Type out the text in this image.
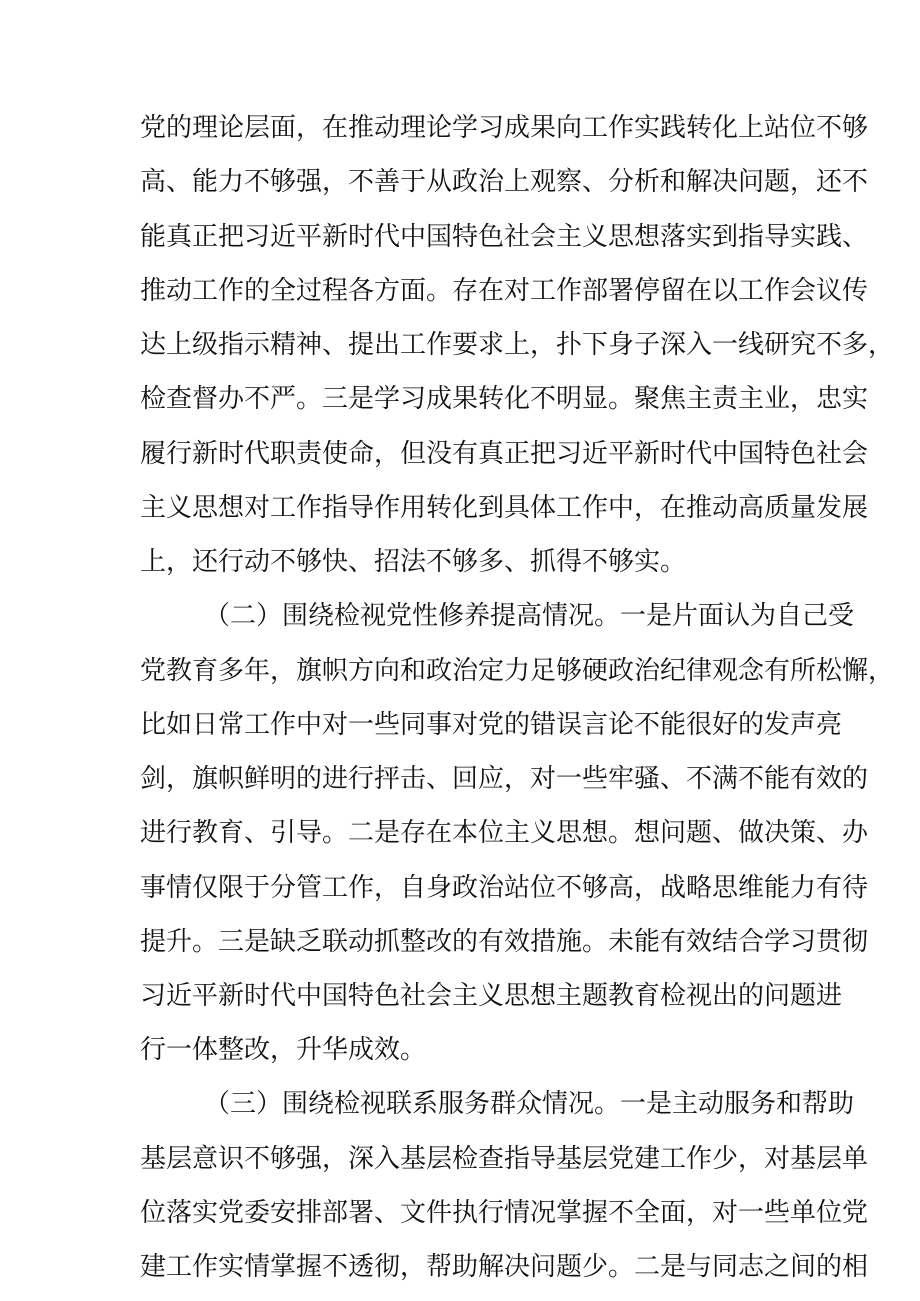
党的理论层面，在推动理论学习成果向工作实践转化上站位不够
高、能力不够强，不善于从政治上观察、分析和解决问题，还不
能真正把习近平新时代中国特色社会主义思想落实到指导实践、
推动工作的全过程各方面。存在对工作部署停留在以工作会议传
达上级指示精神、提出工作要求上，扑下身子深入一线研究不多，
检查督办不严。三是学习成果转化不明显。聚焦主责主业，忠实
履行新时代职责使命，但没有真正把习近平新时代中国特色社会
主义思想对工作指导作用转化到具体工作中，在推动高质量发展
上，还行动不够快、招法不够多、抓得不够实。
（二）围绕检视党性修养提高情况。一是片面认为自己受
党教育多年，旗帜方向和政治定力足够硬政治纪律观念有所松懈，
比如日常工作中对一些同事对党的错误言论不能很好的发声亮
剑，旗帜鲜明的进行抨击、回应，对一些牢骚、不满不能有效的
进行教育、引导。二是存在本位主义思想。想问题、做决策、办
事情仅限于分管工作，自身政治站位不够高，战略思维能力有待
提升。三是缺乏联动抓整改的有效措施。未能有效结合学习贯彻
习近平新时代中国特色社会主义思想主题教育检视出的问题进
行一体整改，升华成效。
（三）围绕检视联系服务群众情况。一是主动服务和帮助
基层意识不够强，深入基层检查指导基层党建工作少，对基层单
位落实党委安排部署、文件执行情况掌握不全面，对一些单位党
建工作实情掌握不透彻，帮助解决问题少。二是与同志之间的相
